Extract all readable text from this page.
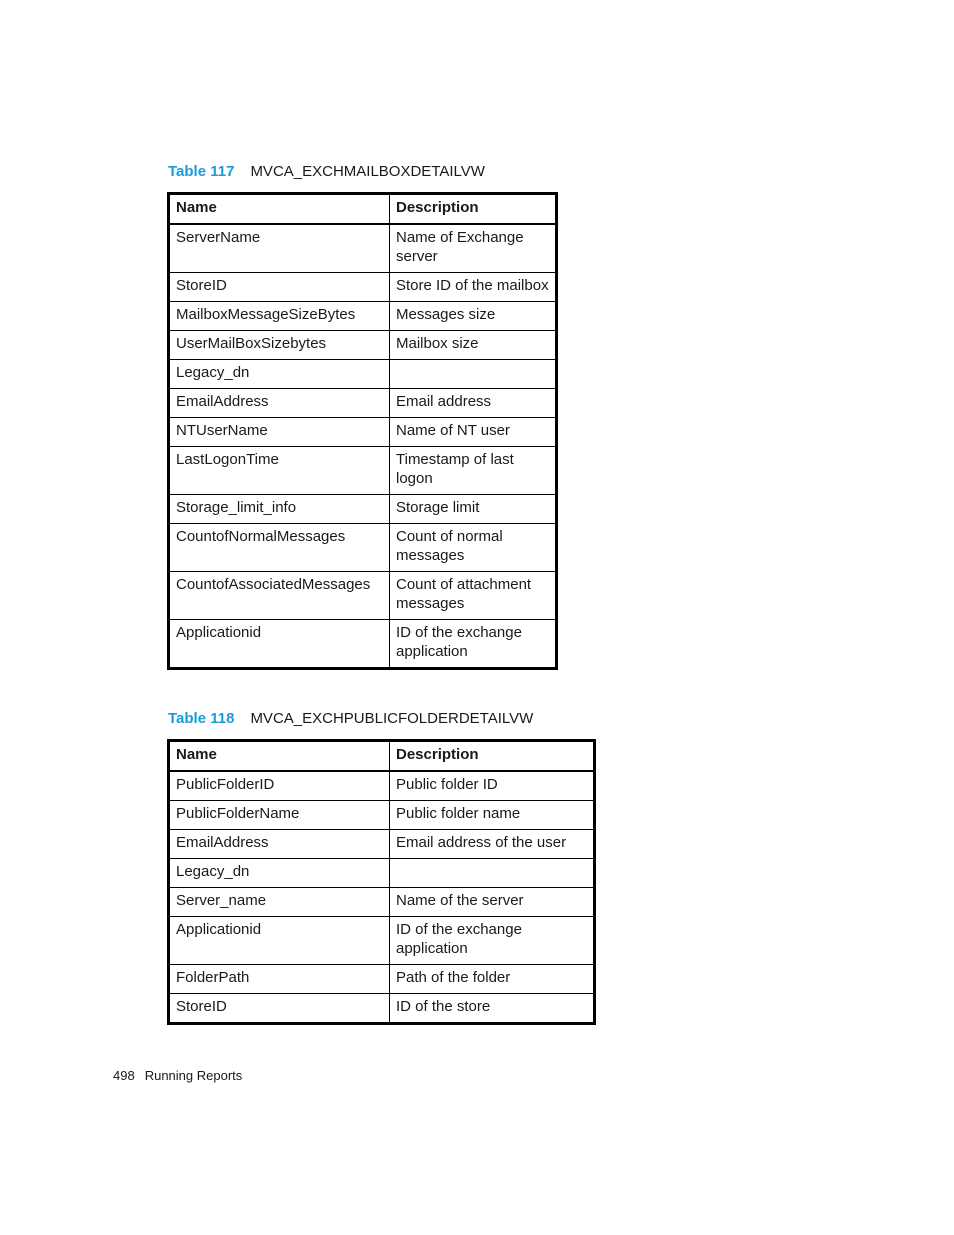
Table 117 MVCA_EXCHMAILBOXDETAILVW
Name	Description
ServerName	Name of Exchange server
StoreID	Store ID of the mailbox
MailboxMessageSizeBytes	Messages size
UserMailBoxSizebytes	Mailbox size
Legacy_dn	
EmailAddress	Email address
NTUserName	Name of NT user
LastLogonTime	Timestamp of last logon
Storage_limit_info	Storage limit
CountofNormalMessages	Count of normal messages
CountofAssociatedMessages	Count of attachment messages
Applicationid	ID of the exchange application
Table 118 MVCA_EXCHPUBLICFOLDERDETAILVW
Name	Description
PublicFolderID	Public folder ID
PublicFolderName	Public folder name
EmailAddress	Email address of the user
Legacy_dn	
Server_name	Name of the server
Applicationid	ID of the exchange application
FolderPath	Path of the folder
StoreID	ID of the store
498 Running Reports
